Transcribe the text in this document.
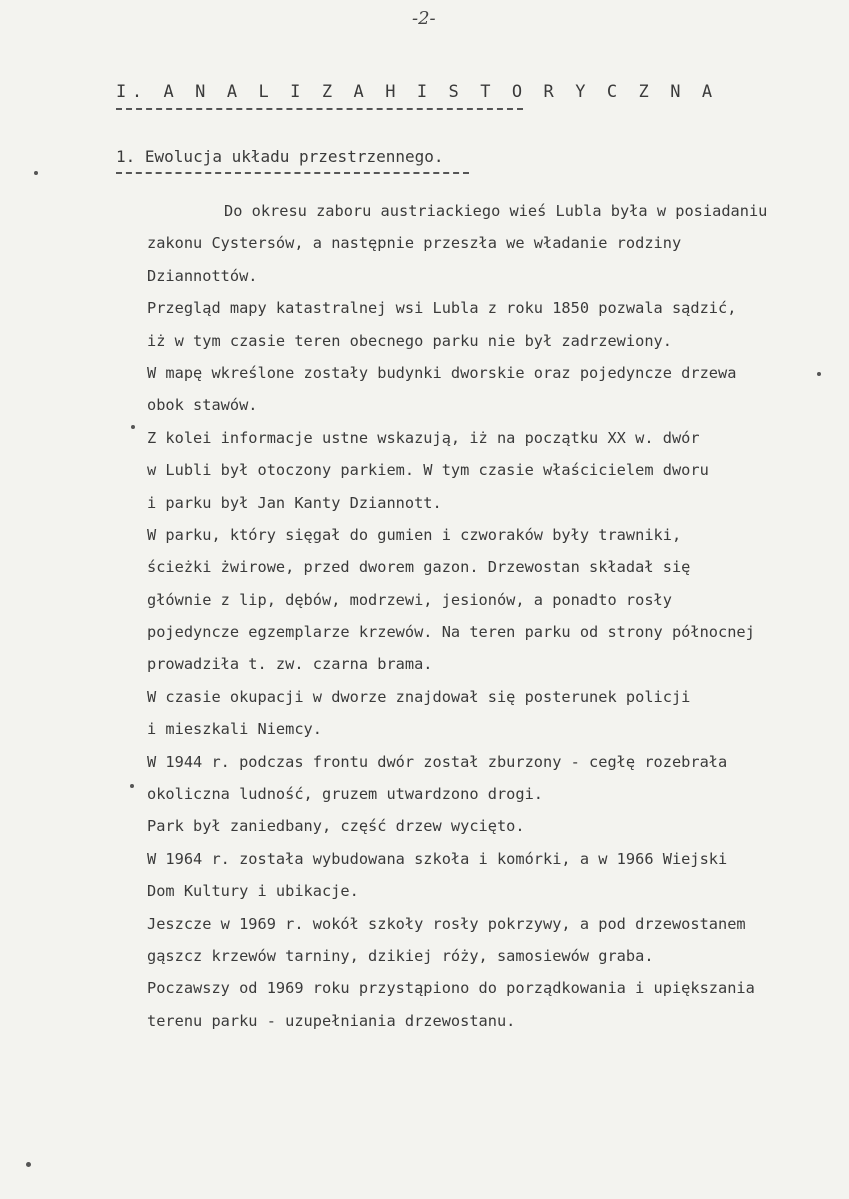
-2-
I. A N A L I Z A H I S T O R Y C Z N A
1. Ewolucja układu przestrzennego.
Do okresu zaboru austriackiego wieś Lubla była w posiadaniu
zakonu Cystersów, a następnie przeszła we władanie rodziny
Dziannottów.
Przegląd mapy katastralnej wsi Lubla z roku 1850 pozwala sądzić,
iż w tym czasie teren obecnego parku nie był zadrzewiony.
W mapę wkreślone zostały budynki dworskie oraz pojedyncze drzewa
obok stawów.
Z kolei informacje ustne wskazują, iż na początku XX w. dwór
w Lubli był otoczony parkiem. W tym czasie właścicielem dworu
i parku był Jan Kanty Dziannott.
W parku, który sięgał do gumien i czworaków były trawniki,
ścieżki żwirowe, przed dworem gazon. Drzewostan składał się
głównie z lip, dębów, modrzewi, jesionów, a ponadto rosły
pojedyncze egzemplarze krzewów. Na teren parku od strony północnej
prowadziła t. zw. czarna brama.
W czasie okupacji w dworze znajdował się posterunek policji
i mieszkali Niemcy.
W 1944 r. podczas frontu dwór został zburzony - cegłę rozebrała
okoliczna ludność, gruzem utwardzono drogi.
Park był zaniedbany, część drzew wycięto.
W 1964 r. została wybudowana szkoła i komórki, a w 1966 Wiejski
Dom Kultury i ubikacje.
Jeszcze w 1969 r. wokół szkoły rosły pokrzywy, a pod drzewostanem
gąszcz krzewów tarniny, dzikiej róży, samosiewów graba.
Poczawszy od 1969 roku przystąpiono do porządkowania i upiększania
terenu parku - uzupełniania drzewostanu.
